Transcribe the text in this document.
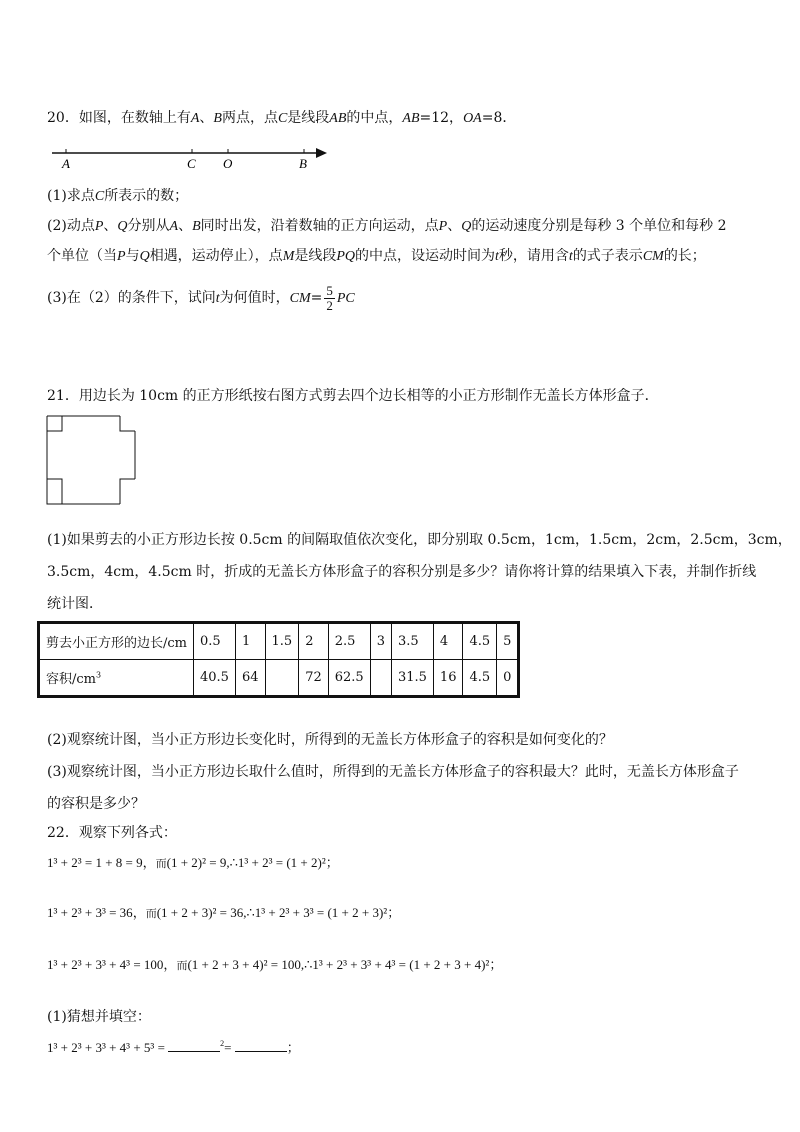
20．如图，在数轴上有A、B两点，点C是线段AB的中点，AB=12，OA=8．
A	C O	B
(1)求点C所表示的数；
(2)动点P、Q分别从A、B同时出发，沿着数轴的正方向运动，点P、Q的运动速度分别是每秒 3 个单位和每秒 2
个单位（当P与Q相遇，运动停止），点M是线段PQ的中点，设运动时间为t秒，请用含t的式子表示CM的长；
(3)在（2）的条件下，试问t为何值时，$CM= \frac{5}{2}$ PC
21．用边长为 10cm 的正方形纸按右图方式剪去四个边长相等的小正方形制作无盖长方体形盒子．
(1)如果剪去的小正方形边长按 0.5cm 的间隔取值依次变化，即分别取 0.5cm，1cm，1.5cm，2cm，2.5cm，3cm，
3.5cm，4cm，4.5cm 时，折成的无盖长方体形盒子的容积分别是多少？请你将计算的结果填入下表，并制作折线
统计图．
剪去小正方形的边长/cm	0.5	1	1.5	2	2.5	3	3.5	4	4.5	5
容积$/cm^3$	40.5	64		72	62.5		31.5	16	4.5	0
(2)观察统计图，当小正方形边长变化时，所得到的无盖长方体形盒子的容积是如何变化的？
(3)观察统计图，当小正方形边长取什么值时，所得到的无盖长方体形盒子的容积最大？此时，无盖长方体形盒子
的容积是多少？
22．观察下列各式：
1³ + 2³ = 1 + 8 = 9，而(1 + 2)² = 9,∴1³ + 2³ = (1 + 2)²；
1³ + 2³ + 3³ = 36，而(1 + 2 + 3)² = 36,∴1³ + 2³ + 3³ = (1 + 2 + 3)²；
1³ + 2³ + 3³ + 4³ = 100，而(1 + 2 + 3 + 4)² = 100,∴1³ + 2³ + 3³ + 4³ = (1 + 2 + 3 + 4)²；
(1)猜想并填空：
1³ + 2³ + 3³ + 4³ + 5³ =	$^2$=	；
